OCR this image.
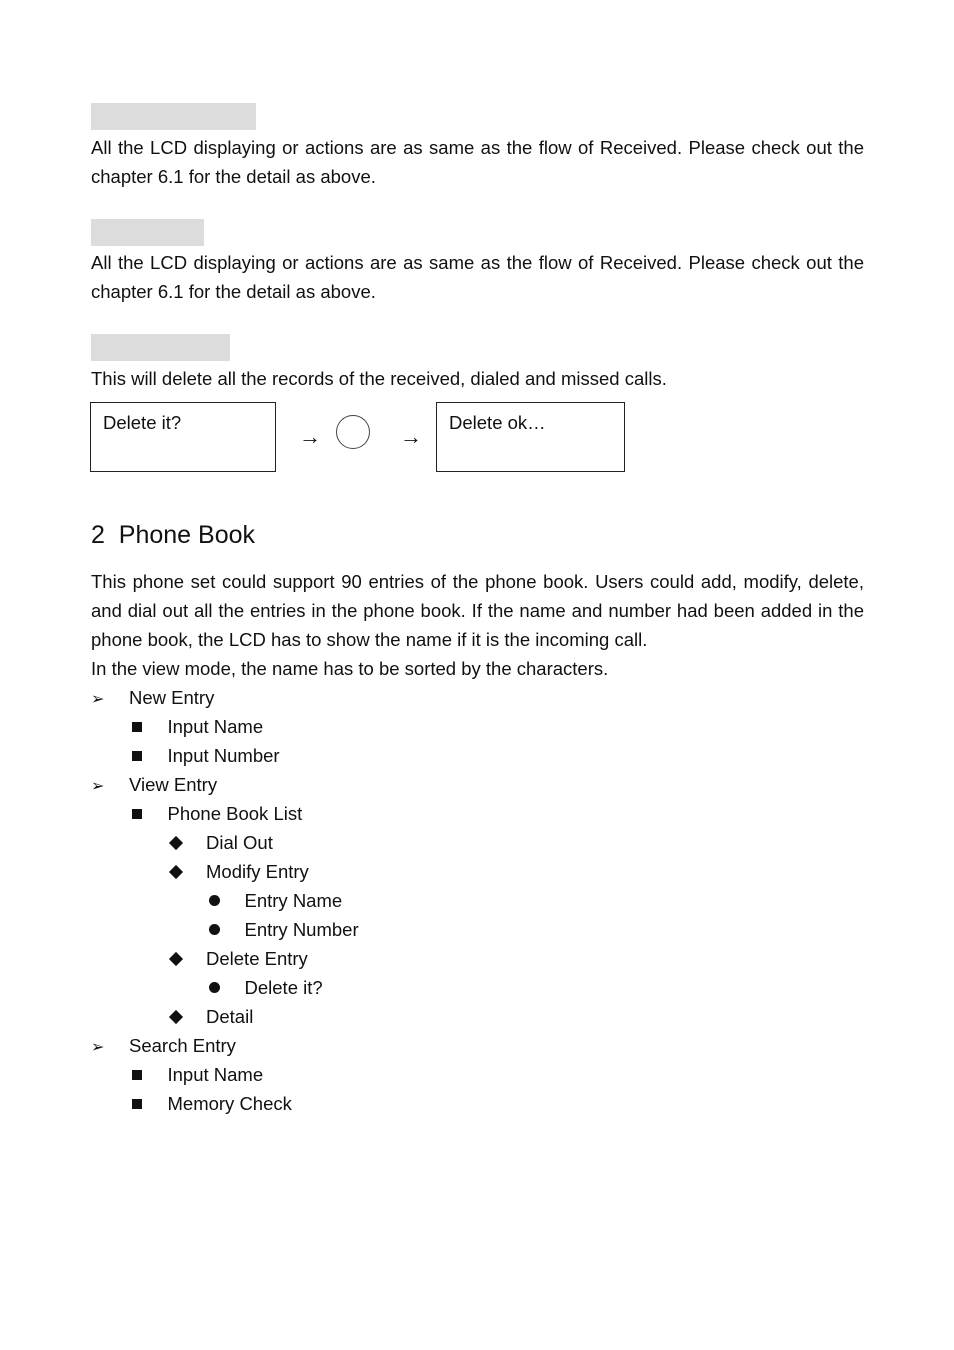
All the LCD displaying or actions are as same as the flow of Received. Please check out the chapter 6.1 for the detail as above.
All the LCD displaying or actions are as same as the flow of Received. Please check out the chapter 6.1 for the detail as above.
This will delete all the records of the received, dialed and missed calls.
Delete it?
→	→
Delete ok…
2  Phone Book
This phone set could support 90 entries of the phone book. Users could add, modify, delete, and dial out all the entries in the phone book. If the name and number had been added in the phone book, the LCD has to show the name if it is the incoming call.
In the view mode, the name has to be sorted by the characters.
➢ New Entry
Input Name
Input Number
➢ View Entry
Phone Book List
Dial Out
Modify Entry
Entry Name
Entry Number
Delete Entry
Delete it?
Detail
➢ Search Entry
Input Name
Memory Check
